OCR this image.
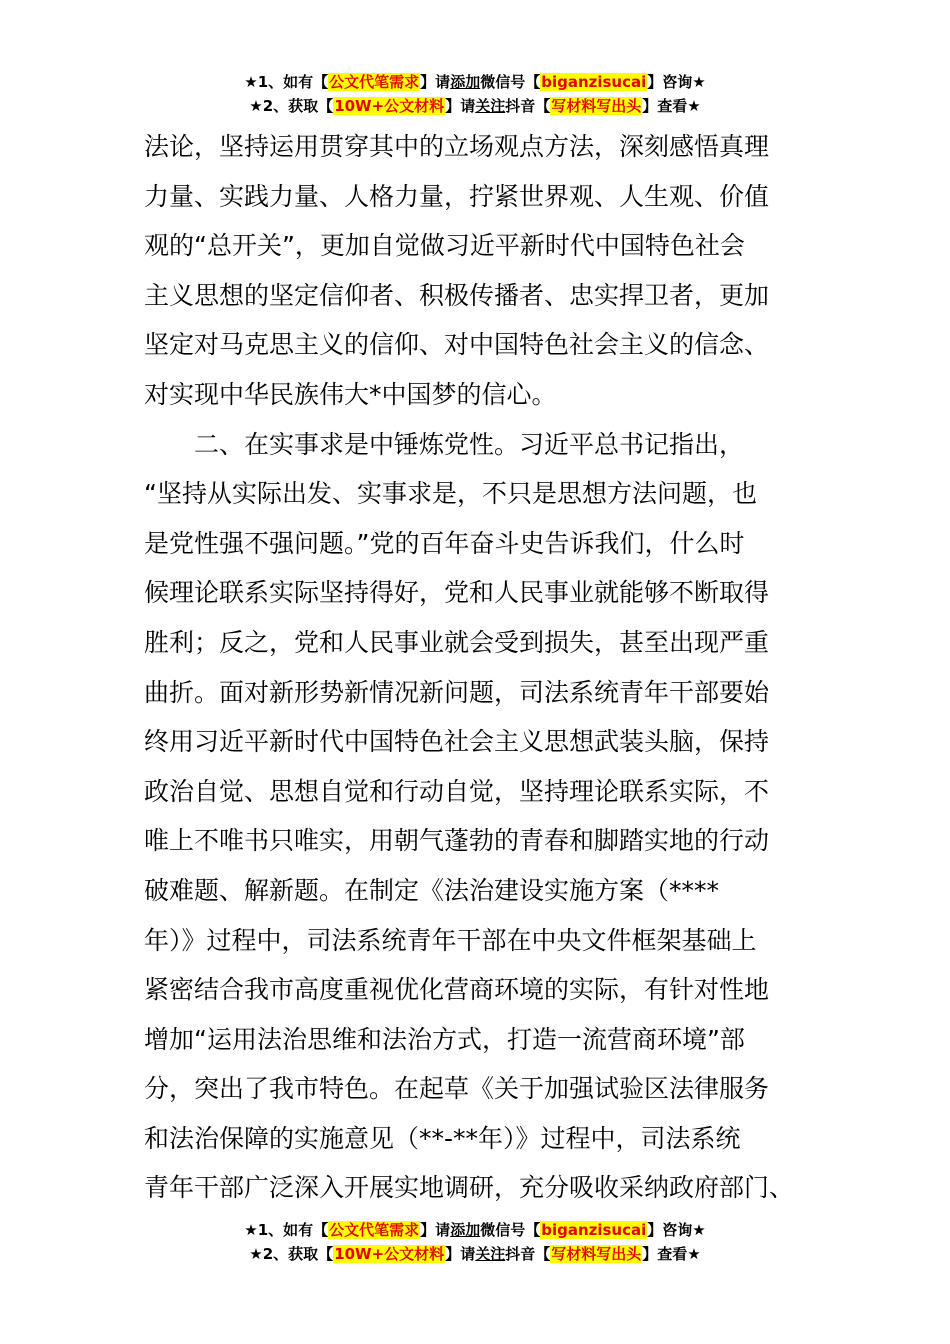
★1、如有【公文代笔需求】请添加微信号【biganzisucai】咨询★
★2、获取【10W+公文材料】请关注抖音【写材料写出头】查看★
法论，坚持运用贯穿其中的立场观点方法，深刻感悟真理
力量、实践力量、人格力量，拧紧世界观、人生观、价值
观的“总开关”，更加自觉做习近平新时代中国特色社会
主义思想的坚定信仰者、积极传播者、忠实捍卫者，更加
坚定对马克思主义的信仰、对中国特色社会主义的信念、
对实现中华民族伟大*中国梦的信心。
二、在实事求是中锤炼党性。习近平总书记指出，
“坚持从实际出发、实事求是，不只是思想方法问题，也
是党性强不强问题。”党的百年奋斗史告诉我们，什么时
候理论联系实际坚持得好，党和人民事业就能够不断取得
胜利；反之，党和人民事业就会受到损失，甚至出现严重
曲折。面对新形势新情况新问题，司法系统青年干部要始
终用习近平新时代中国特色社会主义思想武装头脑，保持
政治自觉、思想自觉和行动自觉，坚持理论联系实际，不
唯上不唯书只唯实，用朝气蓬勃的青春和脚踏实地的行动
破难题、解新题。在制定《法治建设实施方案（****
年）》过程中，司法系统青年干部在中央文件框架基础上
紧密结合我市高度重视优化营商环境的实际，有针对性地
增加“运用法治思维和法治方式，打造一流营商环境”部
分，突出了我市特色。在起草《关于加强试验区法律服务
和法治保障的实施意见（**-**年）》过程中，司法系统
青年干部广泛深入开展实地调研，充分吸收采纳政府部门、
★1、如有【公文代笔需求】请添加微信号【biganzisucai】咨询★
★2、获取【10W+公文材料】请关注抖音【写材料写出头】查看★
